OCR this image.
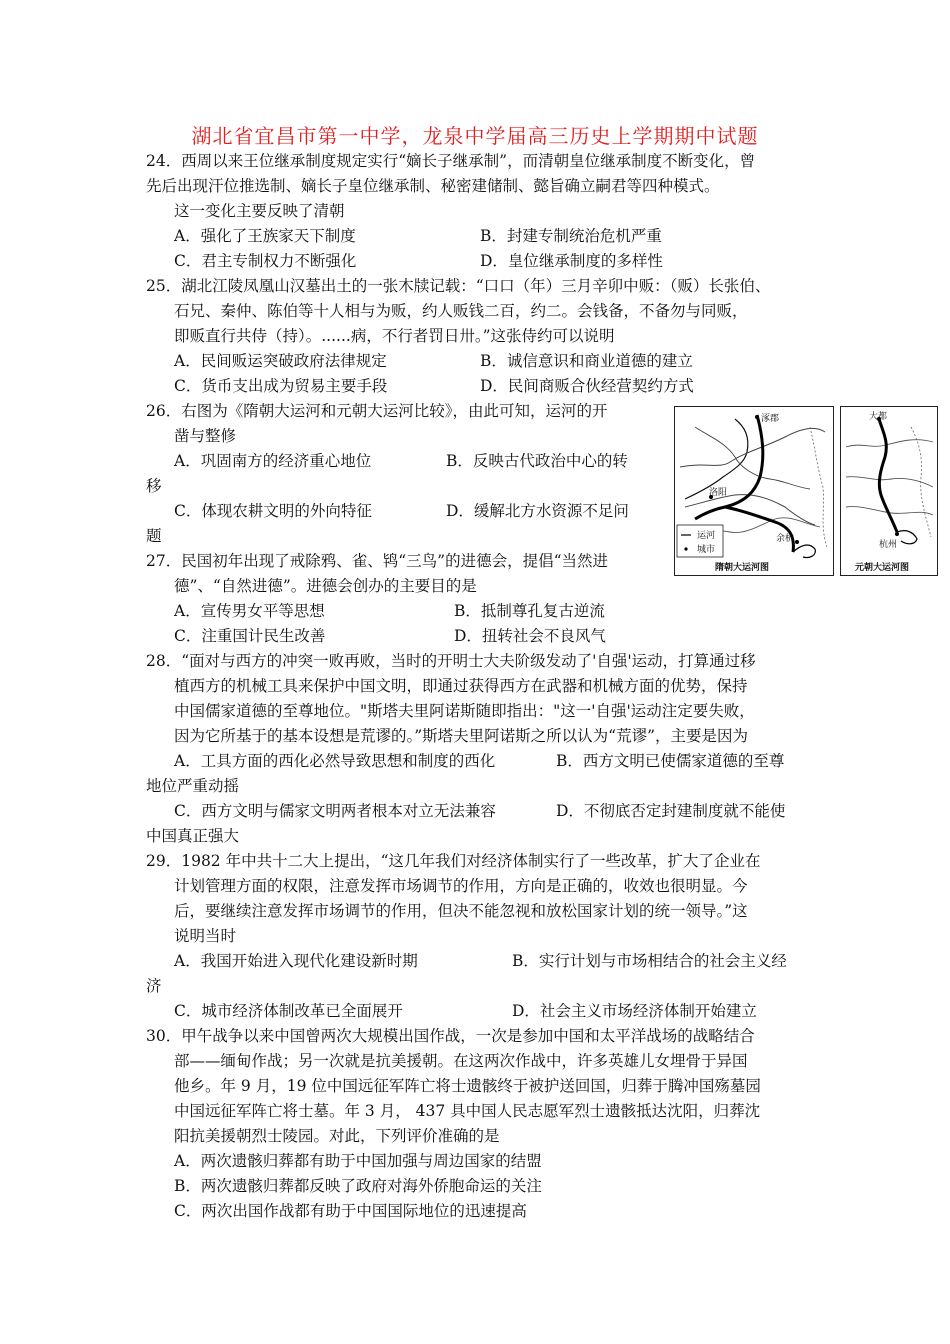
湖北省宜昌市第一中学，龙泉中学届高三历史上学期期中试题
24．西周以来王位继承制度规定实行“嫡长子继承制”，而清朝皇位继承制度不断变化，曾
先后出现汗位推选制、嫡长子皇位继承制、秘密建储制、懿旨确立嗣君等四种模式。
这一变化主要反映了清朝
A．强化了王族家天下制度	B．封建专制统治危机严重
C．君主专制权力不断强化	D．皇位继承制度的多样性
25．湖北江陵凤凰山汉墓出土的一张木牍记载：“口口（年）三月辛卯中贩：（贩）长张伯、
石兄、秦仲、陈伯等十人相与为贩，约人贩钱二百，约二。会钱备，不备勿与同贩，
即贩直行共侍（持）。......病，不行者罚日卅。”这张侍约可以说明
A．民间贩运突破政府法律规定	B．诚信意识和商业道德的建立
C．货币支出成为贸易主要手段	D．民间商贩合伙经营契约方式
26．右图为《隋朝大运河和元朝大运河比较》，由此可知，运河的开
凿与整修
A．巩固南方的经济重心地位	B．反映古代政治中心的转
移
C．体现农耕文明的外向特征	D．缓解北方水资源不足问
题
涿郡
洛阳
余杭
运河
城市
隋朝大运河图
大都
杭州
元朝大运河图
27．民国初年出现了戒除鸦、雀、鸨“三鸟”的进德会，提倡“当然进
德”、“自然进德”。进德会创办的主要目的是
A．宣传男女平等思想	B．抵制尊孔复古逆流
C．注重国计民生改善	D．扭转社会不良风气
28．“面对与西方的冲突一败再败，当时的开明士大夫阶级发动了'自强'运动，打算通过移
植西方的机械工具来保护中国文明，即通过获得西方在武器和机械方面的优势，保持
中国儒家道德的至尊地位。"斯塔夫里阿诺斯随即指出："这一'自强'运动注定要失败，
因为它所基于的基本设想是荒谬的。”斯塔夫里阿诺斯之所以认为“荒谬”，主要是因为
A．工具方面的西化必然导致思想和制度的西化	B．西方文明已使儒家道德的至尊
地位严重动摇
C．西方文明与儒家文明两者根本对立无法兼容	D．不彻底否定封建制度就不能使
中国真正强大
29．1982 年中共十二大上提出，“这几年我们对经济体制实行了一些改革，扩大了企业在
计划管理方面的权限，注意发挥市场调节的作用，方向是正确的，收效也很明显。今
后，要继续注意发挥市场调节的作用，但决不能忽视和放松国家计划的统一领导。”这
说明当时
A．我国开始进入现代化建设新时期	B．实行计划与市场相结合的社会主义经
济
C．城市经济体制改革已全面展开	D．社会主义市场经济体制开始建立
30．甲午战争以来中国曾两次大规模出国作战，一次是参加中国和太平洋战场的战略结合
部——缅甸作战；另一次就是抗美援朝。在这两次作战中，许多英雄儿女埋骨于异国
他乡。年 9 月，19 位中国远征军阵亡将士遗骸终于被护送回国，归葬于腾冲国殇墓园
中国远征军阵亡将士墓。年 3 月， 437 具中国人民志愿军烈士遗骸抵达沈阳，归葬沈
阳抗美援朝烈士陵园。对此，下列评价准确的是
A．两次遗骸归葬都有助于中国加强与周边国家的结盟
B．两次遗骸归葬都反映了政府对海外侨胞命运的关注
C．两次出国作战都有助于中国国际地位的迅速提高
